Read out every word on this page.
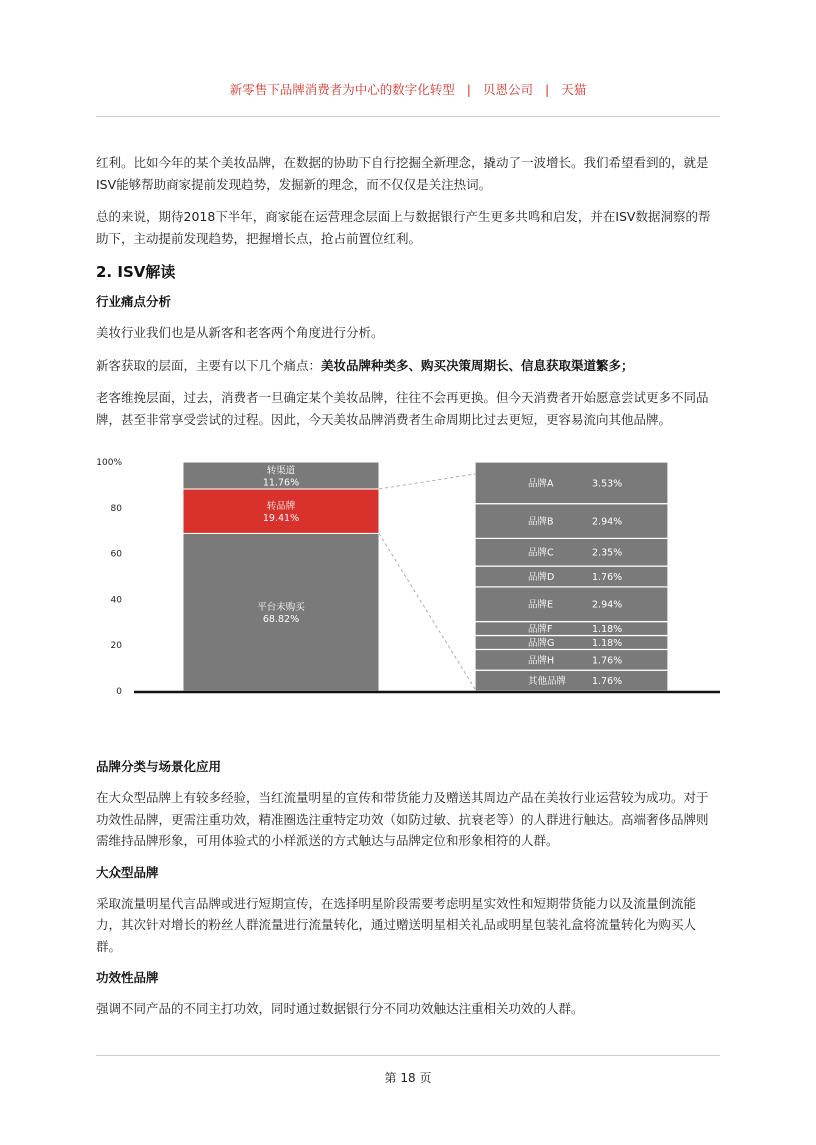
新零售下品牌消费者为中心的数字化转型 | 贝恩公司 | 天猫

红利。比如今年的某个美妆品牌，在数据的协助下自行挖掘全新理念，撬动了一波增长。我们希望看到的，就是ISV能够帮助商家提前发现趋势，发掘新的理念，而不仅仅是关注热词。

总的来说，期待2018下半年，商家能在运营理念层面上与数据银行产生更多共鸣和启发，并在ISV数据洞察的帮助下，主动提前发现趋势，把握增长点，抢占前置位红利。

2. ISV解读
行业痛点分析

美妆行业我们也是从新客和老客两个角度进行分析。

新客获取的层面，主要有以下几个痛点：美妆品牌种类多、购买决策周期长、信息获取渠道繁多；

老客维挽层面，过去，消费者一旦确定某个美妆品牌，往往不会再更换。但今天消费者开始愿意尝试更多不同品牌，甚至非常享受尝试的过程。因此，今天美妆品牌消费者生命周期比过去更短，更容易流向其他品牌。

100%
80
60
40
20
0
平台未购买
68.82%
转品牌
19.41%
转渠道
11.76%
其他品牌	1.76%
品牌H	1.76%
品牌G	1.18%
品牌F	1.18%
品牌E	2.94%
品牌D	1.76%
品牌C	2.35%
品牌B	2.94%
品牌A	3.53%
品牌分类与场景化应用

在大众型品牌上有较多经验，当红流量明星的宣传和带货能力及赠送其周边产品在美妆行业运营较为成功。对于功效性品牌，更需注重功效，精准圈选注重特定功效（如防过敏、抗衰老等）的人群进行触达。高端奢侈品牌则需维持品牌形象，可用体验式的小样派送的方式触达与品牌定位和形象相符的人群。

大众型品牌

采取流量明星代言品牌或进行短期宣传，在选择明星阶段需要考虑明星实效性和短期带货能力以及流量倒流能力，其次针对增长的粉丝人群流量进行流量转化，通过赠送明星相关礼品或明星包装礼盒将流量转化为购买人群。

功效性品牌

强调不同产品的不同主打功效，同时通过数据银行分不同功效触达注重相关功效的人群。

第 18 页
